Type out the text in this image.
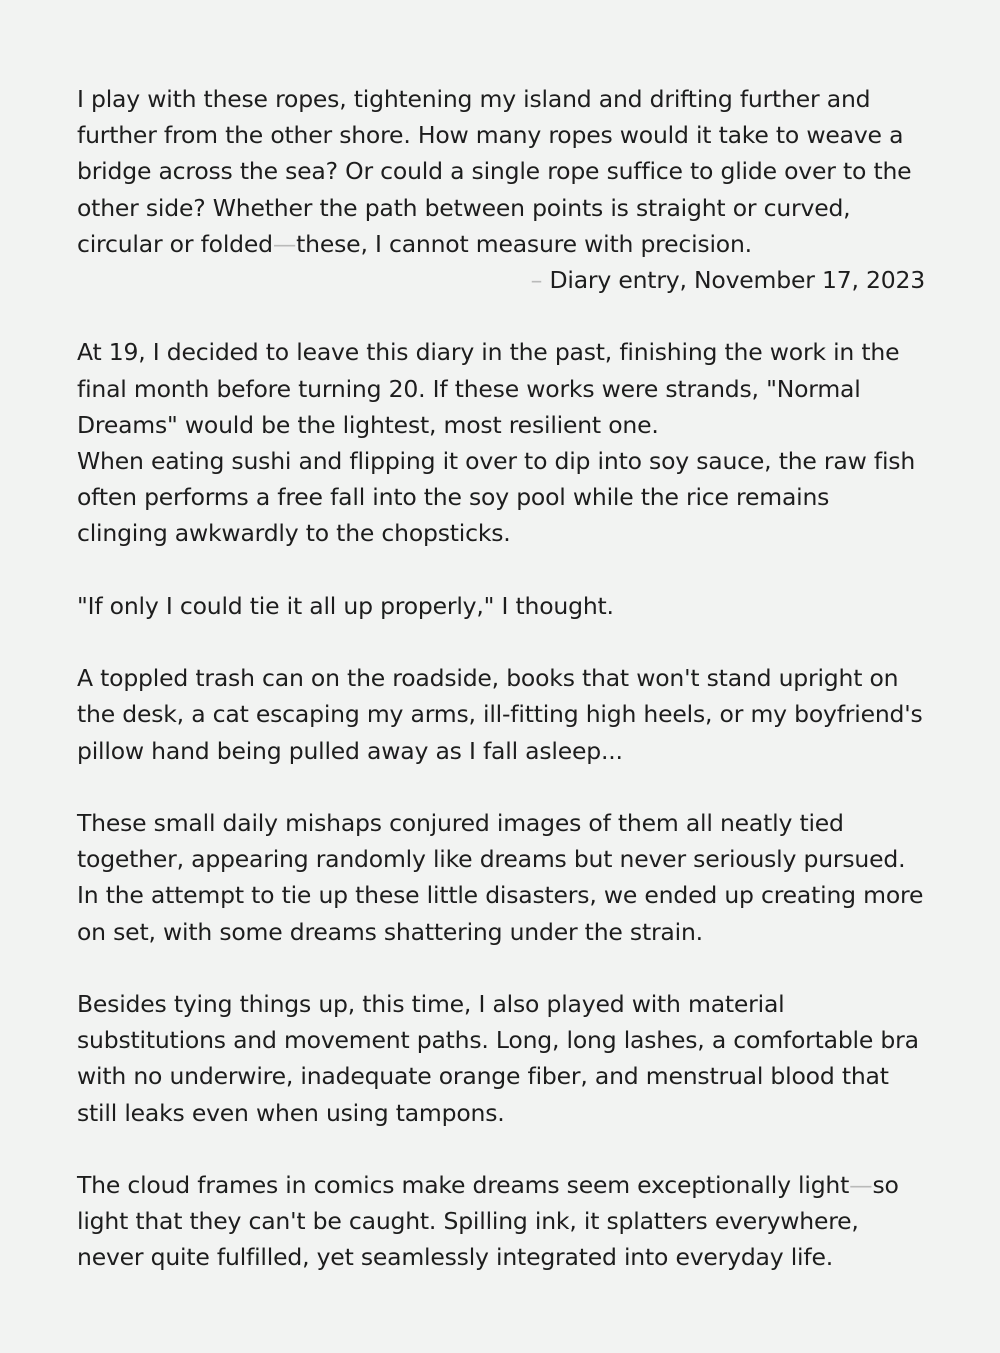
I play with these ropes, tightening my island and drifting further and further from the other shore. How many ropes would it take to weave a bridge across the sea? Or could a single rope suffice to glide over to the other side? Whether the path between points is straight or curved, circular or folded—these, I cannot measure with precision.

– Diary entry, November 17, 2023

At 19, I decided to leave this diary in the past, finishing the work in the final month before turning 20. If these works were strands, "Normal Dreams" would be the lightest, most resilient one.

When eating sushi and flipping it over to dip into soy sauce, the raw fish often performs a free fall into the soy pool while the rice remains clinging awkwardly to the chopsticks.

"If only I could tie it all up properly," I thought.

A toppled trash can on the roadside, books that won't stand upright on the desk, a cat escaping my arms, ill-fitting high heels, or my boyfriend's pillow hand being pulled away as I fall asleep...

These small daily mishaps conjured images of them all neatly tied together, appearing randomly like dreams but never seriously pursued. In the attempt to tie up these little disasters, we ended up creating more on set, with some dreams shattering under the strain.

Besides tying things up, this time, I also played with material substitutions and movement paths. Long, long lashes, a comfortable bra with no underwire, inadequate orange fiber, and menstrual blood that still leaks even when using tampons.

The cloud frames in comics make dreams seem exceptionally light—so light that they can't be caught. Spilling ink, it splatters everywhere, never quite fulfilled, yet seamlessly integrated into everyday life.
